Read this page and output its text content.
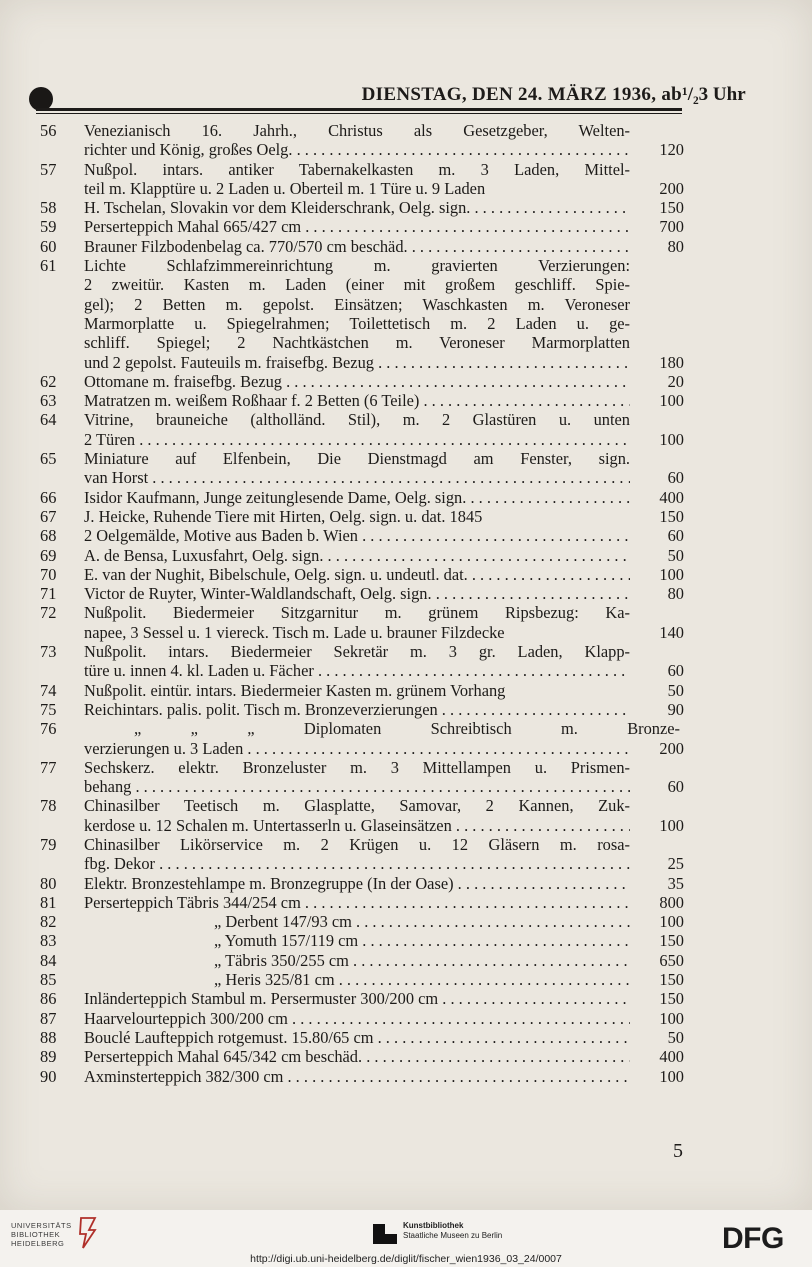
DIENSTAG, DEN 24. MÄRZ 1936, ab ¹/₂3 Uhr
56	Venezianisch 16. Jahrh., Christus als Gesetzgeber, Welten-
richter und König, großes Oelg. . . .	120
57	Nußpol. intars. antiker Tabernakelkasten m. 3 Laden, Mittel-
teil m. Klapptüre u. 2 Laden u. Oberteil m. 1 Türe u. 9 Laden	200
58	H. Tschelan, Slovakin vor dem Kleiderschrank, Oelg. sign. . . .	150
59	Perserteppich Mahal 665/427 cm . . .	700
60	Brauner Filzbodenbelag ca. 770/570 cm beschäd. . . .	80
61	Lichte Schlafzimmereinrichtung m. gravierten Verzierungen:
2 zweitür. Kasten m. Laden (einer mit großem geschliff. Spie-
gel); 2 Betten m. gepolst. Einsätzen; Waschkasten m. Veroneser
Marmorplatte u. Spiegelrahmen; Toilettetisch m. 2 Laden u. ge-
schliff. Spiegel; 2 Nachtkästchen m. Veroneser Marmorplatten
und 2 gepolst. Fauteuils m. fraisefbg. Bezug . . .	180
62	Ottomane m. fraisefbg. Bezug . . .	20
63	Matratzen m. weißem Roßhaar f. 2 Betten (6 Teile) . . .	100
64	Vitrine, brauneiche (altholländ. Stil), m. 2 Glastüren u. unten
2 Türen . . .	100
65	Miniature auf Elfenbein, Die Dienstmagd am Fenster, sign.
van Horst . . .	60
66	Isidor Kaufmann, Junge zeitunglesende Dame, Oelg. sign. . . .	400
67	J. Heicke, Ruhende Tiere mit Hirten, Oelg. sign. u. dat. 1845	150
68	2 Oelgemälde, Motive aus Baden b. Wien . . .	60
69	A. de Bensa, Luxusfahrt, Oelg. sign. . . .	50
70	E. van der Nughit, Bibelschule, Oelg. sign. u. undeutl. dat. . . .	100
71	Victor de Ruyter, Winter-Waldlandschaft, Oelg. sign. . . .	80
72	Nußpolit. Biedermeier Sitzgarnitur m. grünem Ripsbezug: Ka-
napee, 3 Sessel u. 1 viereck. Tisch m. Lade u. brauner Filzdecke	140
73	Nußpolit. intars. Biedermeier Sekretär m. 3 gr. Laden, Klapp-
türe u. innen 4. kl. Laden u. Fächer . . .	60
74	Nußpolit. eintür. intars. Biedermeier Kasten m. grünem Vorhang	50
75	Reichintars. palis. polit. Tisch m. Bronzeverzierungen . . .	90
76	„ „ „ Diplomaten Schreibtisch m. Bronze-
verzierungen u. 3 Laden . . .	200
77	Sechskerz. elektr. Bronzeluster m. 3 Mittellampen u. Prismen-
behang . . .	60
78	Chinasilber Teetisch m. Glasplatte, Samovar, 2 Kannen, Zuk-
kerdose u. 12 Schalen m. Untertasserln u. Glaseinsätzen . . .	100
79	Chinasilber Likörservice m. 2 Krügen u. 12 Gläsern m. rosa-
fbg. Dekor . . .	25
80	Elektr. Bronzestehlampe m. Bronzegruppe (In der Oase) . . .	35
81	Perserteppich Täbris 344/254 cm . . .	800
82	„ Derbent 147/93 cm . . .	100
83	„ Yomuth 157/119 cm . . .	150
84	„ Täbris 350/255 cm . . .	650
85	„ Heris 325/81 cm . . .	150
86	Inländerteppich Stambul m. Persermuster 300/200 cm . . .	150
87	Haarvelourteppich 300/200 cm . . .	100
88	Bouclé Laufteppich rotgemust. 15.80/65 cm . . .	50
89	Perserteppich Mahal 645/342 cm beschäd. . . .	400
90	Axminsterteppich 382/300 cm . . .	100
5
UNIVERSITÄTS
BIBLIOTHEK
HEIDELBERG
Kunstbibliothek
Staatliche Museen zu Berlin	DFG
http://digi.ub.uni-heidelberg.de/diglit/fischer_wien1936_03_24/0007
